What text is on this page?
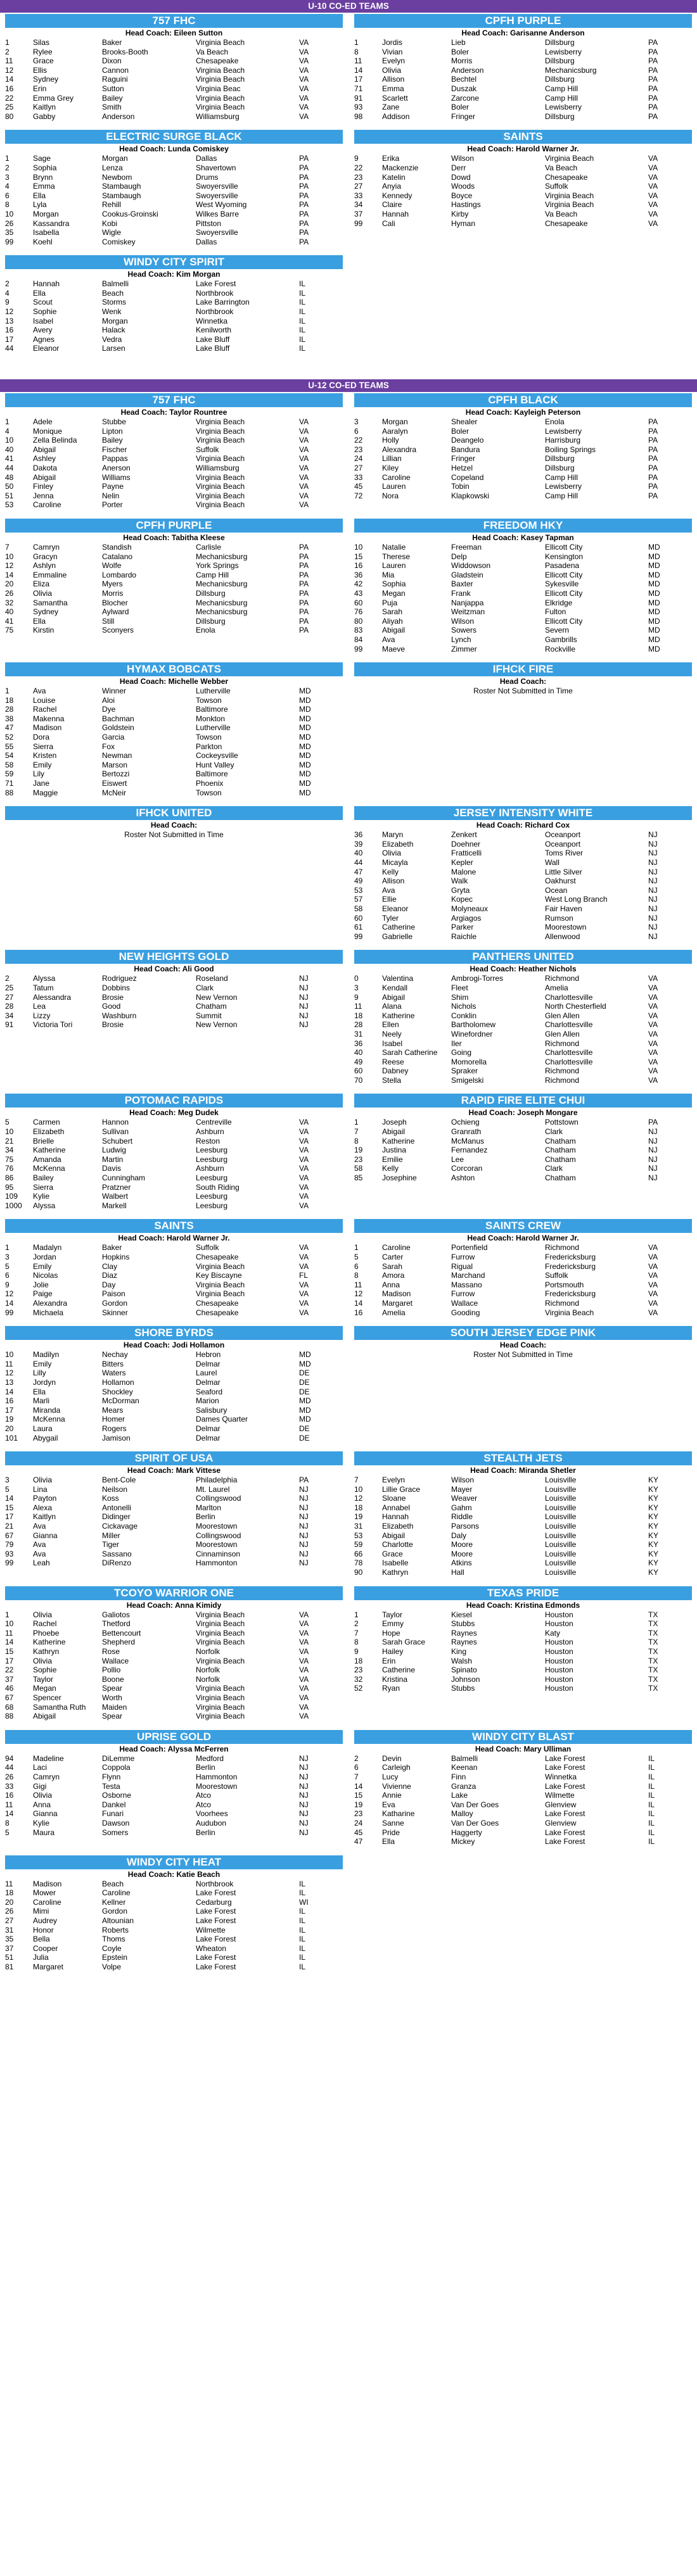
U-10 CO-ED TEAMS
757 FHC
Head Coach: Eileen Sutton
1	Silas	Baker	Virginia Beach	VA
2	Rylee	Brooks-Booth	Va Beach	VA
11	Grace	Dixon	Chesapeake	VA
12	Ellis	Cannon	Virginia Beach	VA
14	Sydney	Raguini	Virginia Beach	VA
16	Erin	Sutton	Virginia Beac	VA
22	Emma Grey	Bailey	Virginia Beach	VA
25	Kaitlyn	Smith	Virginia Beach	VA
80	Gabby	Anderson	Williamsburg	VA
CPFH PURPLE
Head Coach: Garisanne Anderson
1	Jordis	Lieb	Dillsburg	PA
8	Vivian	Boler	Lewisberry	PA
11	Evelyn	Morris	Dillsburg	PA
14	Olivia	Anderson	Mechanicsburg	PA
17	Allison	Bechtel	Dillsburg	PA
71	Emma	Duszak	Camp Hill	PA
91	Scarlett	Zarcone	Camp Hill	PA
93	Zane	Boler	Lewisberry	PA
98	Addison	Fringer	Dillsburg	PA
ELECTRIC SURGE BLACK
Head Coach: Lunda Comiskey
1	Sage	Morgan	Dallas	PA
2	Sophia	Lenza	Shavertown	PA
3	Brynn	Newbom	Drums	PA
4	Emma	Stambaugh	Swoyersville	PA
6	Ella	Stambaugh	Swoyersville	PA
8	Lyla	Rehill	West Wyoming	PA
10	Morgan	Cookus-Groinski	Wilkes Barre	PA
26	Kassandra	Kobi	Pittston	PA
35	Isabella	Wigle	Swoyersville	PA
99	Koehl	Comiskey	Dallas	PA
SAINTS
Head Coach: Harold Warner Jr.
9	Erika	Wilson	Virginia Beach	VA
22	Mackenzie	Derr	Va Beach	VA
23	Katelin	Dowd	Chesapeake	VA
27	Anyia	Woods	Suffolk	VA
33	Kennedy	Boyce	Virginia Beach	VA
34	Claire	Hastings	Virginia Beach	VA
37	Hannah	Kirby	Va Beach	VA
99	Cali	Hyman	Chesapeake	VA
WINDY CITY SPIRIT
Head Coach: Kim Morgan
2	Hannah	Balmelli	Lake Forest	IL
4	Ella	Beach	Northbrook	IL
9	Scout	Storms	Lake Barrington	IL
12	Sophie	Wenk	Northbrook	IL
13	Isabel	Morgan	Winnetka	IL
16	Avery	Halack	Kenilworth	IL
17	Agnes	Vedra	Lake Bluff	IL
44	Eleanor	Larsen	Lake Bluff	IL
U-12 CO-ED TEAMS
757 FHC
Head Coach: Taylor Rountree
1	Adele	Stubbe	Virginia Beach	VA
4	Monique	Lipton	Virginia Beach	VA
10	Zella Belinda	Bailey	Virginia Beach	VA
40	Abigail	Fischer	Suffolk	VA
41	Ashley	Pappas	Virginia Beach	VA
44	Dakota	Anerson	Williamsburg	VA
48	Abigail	Williams	Virginia Beach	VA
50	Finley	Payne	Virginia Beach	VA
51	Jenna	Nelin	Virginia Beach	VA
53	Caroline	Porter	Virginia Beach	VA
CPFH BLACK
Head Coach: Kayleigh Peterson
3	Morgan	Shealer	Enola	PA
6	Aaralyn	Boler	Lewisberry	PA
22	Holly	Deangelo	Harrisburg	PA
23	Alexandra	Bandura	Boiling Springs	PA
24	Lillian	Fringer	Dillsburg	PA
27	Kiley	Hetzel	Dillsburg	PA
33	Caroline	Copeland	Camp Hill	PA
45	Lauren	Tobin	Lewisberry	PA
72	Nora	Klapkowski	Camp Hill	PA
CPFH PURPLE
Head Coach: Tabitha Kleese
7	Camryn	Standish	Carlisle	PA
10	Gracyn	Catalano	Mechanicsburg	PA
12	Ashlyn	Wolfe	York Springs	PA
14	Emmaline	Lombardo	Camp Hill	PA
20	Eliza	Myers	Mechanicsburg	PA
26	Olivia	Morris	Dillsburg	PA
32	Samantha	Blocher	Mechanicsburg	PA
40	Sydney	Aylward	Mechanicsburg	PA
41	Ella	Still	Dillsburg	PA
75	Kirstin	Sconyers	Enola	PA
FREEDOM HKY
Head Coach: Kasey Tapman
10	Natalie	Freeman	Ellicott City	MD
15	Therese	Delp	Kensington	MD
16	Lauren	Widdowson	Pasadena	MD
36	Mia	Gladstein	Ellicott City	MD
42	Sophia	Baxter	Sykesville	MD
43	Megan	Frank	Ellicott City	MD
60	Puja	Nanjappa	Elkridge	MD
76	Sarah	Weitzman	Fulton	MD
80	Aliyah	Wilson	Ellicott City	MD
83	Abigail	Sowers	Severn	MD
84	Ava	Lynch	Gambrills	MD
99	Maeve	Zimmer	Rockville	MD
HYMAX BOBCATS
Head Coach: Michelle Webber
1	Ava	Winner	Lutherville	MD
18	Louise	Aloi	Towson	MD
28	Rachel	Dye	Baltimore	MD
38	Makenna	Bachman	Monkton	MD
47	Madison	Goldstein	Lutherville	MD
52	Dora	Garcia	Towson	MD
55	Sierra	Fox	Parkton	MD
54	Kristen	Newman	Cockeysville	MD
58	Emily	Marson	Hunt Valley	MD
59	Lily	Bertozzi	Baltimore	MD
71	Jane	Eiswert	Phoenix	MD
88	Maggie	McNeir	Towson	MD
IFHCK FIRE
Head Coach:
Roster Not Submitted in Time
IFHCK UNITED
Head Coach:
Roster Not Submitted in Time
JERSEY INTENSITY WHITE
Head Coach: Richard Cox
36	Maryn	Zenkert	Oceanport	NJ
39	Elizabeth	Doehner	Oceanport	NJ
40	Olivia	Fratticelli	Toms River	NJ
44	Micayla	Kepler	Wall	NJ
47	Kelly	Malone	Little Silver	NJ
49	Allison	Walk	Oakhurst	NJ
53	Ava	Gryta	Ocean	NJ
57	Ellie	Kopec	West Long Branch	NJ
58	Eleanor	Molyneaux	Fair Haven	NJ
60	Tyler	Argiagos	Rumson	NJ
61	Catherine	Parker	Moorestown	NJ
99	Gabrielle	Raichle	Allenwood	NJ
NEW HEIGHTS GOLD
Head Coach: Ali Good
2	Alyssa	Rodriguez	Roseland	NJ
25	Tatum	Dobbins	Clark	NJ
27	Alessandra	Brosie	New Vernon	NJ
28	Lea	Good	Chatham	NJ
34	Lizzy	Washburn	Summit	NJ
91	Victoria Tori	Brosie	New Vernon	NJ
PANTHERS UNITED
Head Coach: Heather Nichols
0	Valentina	Ambrogi-Torres	Richmond	VA
3	Kendall	Fleet	Amelia	VA
9	Abigail	Shim	Charlottesville	VA
11	Alana	Nichols	North Chesterfield	VA
18	Katherine	Conklin	Glen Allen	VA
28	Ellen	Bartholomew	Charlottesville	VA
31	Neely	Winefordner	Glen Allen	VA
36	Isabel	Iler	Richmond	VA
40	Sarah Catherine	Going	Charlottesville	VA
49	Reese	Momorella	Charlottesville	VA
60	Dabney	Spraker	Richmond	VA
70	Stella	Smigelski	Richmond	VA
POTOMAC RAPIDS
Head Coach: Meg Dudek
5	Carmen	Hannon	Centreville	VA
10	Elizabeth	Sullivan	Ashburn	VA
21	Brielle	Schubert	Reston	VA
34	Katherine	Ludwig	Leesburg	VA
75	Amanda	Martin	Leesburg	VA
76	McKenna	Davis	Ashburn	VA
86	Bailey	Cunningham	Leesburg	VA
95	Sierra	Pratzner	South Riding	VA
109	Kylie	Walbert	Leesburg	VA
1000	Alyssa	Markell	Leesburg	VA
RAPID FIRE ELITE CHUI
Head Coach: Joseph Mongare
1	Joseph	Ochieng	Pottstown	PA
7	Abigail	Granrath	Clark	NJ
8	Katherine	McManus	Chatham	NJ
19	Justina	Fernandez	Chatham	NJ
23	Emilie	Lee	Chatham	NJ
58	Kelly	Corcoran	Clark	NJ
85	Josephine	Ashton	Chatham	NJ
SAINTS
Head Coach: Harold Warner Jr.
1	Madalyn	Baker	Suffolk	VA
3	Jordan	Hopkins	Chesapeake	VA
5	Emily	Clay	Virginia Beach	VA
6	Nicolas	Diaz	Key Biscayne	FL
9	Jolie	Day	Virginia Beach	VA
12	Paige	Paison	Virginia Beach	VA
14	Alexandra	Gordon	Chesapeake	VA
99	Michaela	Skinner	Chesapeake	VA
SAINTS CREW
Head Coach: Harold Warner Jr.
1	Caroline	Portenfield	Richmond	VA
5	Carter	Furrow	Fredericksburg	VA
6	Sarah	Rigual	Fredericksburg	VA
8	Amora	Marchand	Suffolk	VA
11	Anna	Massano	Portsmouth	VA
12	Madison	Furrow	Fredericksburg	VA
14	Margaret	Wallace	Richmond	VA
16	Amelia	Gooding	Virginia Beach	VA
SHORE BYRDS
Head Coach: Jodi Hollamon
10	Madilyn	Nechay	Hebron	MD
11	Emily	Bitters	Delmar	MD
12	Lilly	Waters	Laurel	DE
13	Jordyn	Hollamon	Delmar	DE
14	Ella	Shockley	Seaford	DE
16	Marli	McDorman	Marion	MD
17	Miranda	Mears	Salisbury	MD
19	McKenna	Homer	Dames Quarter	MD
20	Laura	Rogers	Delmar	DE
101	Abygail	Jamison	Delmar	DE
SOUTH JERSEY EDGE PINK
Head Coach:
Roster Not Submitted in Time
SPIRIT OF USA
Head Coach: Mark Vittese
3	Olivia	Bent-Cole	Philadelphia	PA
5	Lina	Neilson	Mt. Laurel	NJ
14	Payton	Koss	Collingswood	NJ
15	Alexa	Antonelli	Marlton	NJ
17	Kaitlyn	Didinger	Berlin	NJ
21	Ava	Cickavage	Moorestown	NJ
67	Gianna	Miller	Collingswood	NJ
79	Ava	Tiger	Moorestown	NJ
93	Ava	Sassano	Cinnaminson	NJ
99	Leah	DiRenzo	Hammonton	NJ
STEALTH JETS
Head Coach: Miranda Shetler
7	Evelyn	Wilson	Louisville	KY
10	Lillie Grace	Mayer	Louisville	KY
12	Sloane	Weaver	Louisville	KY
18	Annabel	Gahm	Louisville	KY
19	Hannah	Riddle	Louisville	KY
31	Elizabeth	Parsons	Louisville	KY
53	Abigail	Daly	Louisville	KY
59	Charlotte	Moore	Louisville	KY
66	Grace	Moore	Louisville	KY
78	Isabelle	Atkins	Louisville	KY
90	Kathryn	Hall	Louisville	KY
TCOYO WARRIOR ONE
Head Coach: Anna Kimidy
1	Olivia	Galiotos	Virginia Beach	VA
10	Rachel	Thetford	Virginia Beach	VA
11	Phoebe	Bettencourt	Virginia Beach	VA
14	Katherine	Shepherd	Virginia Beach	VA
15	Kathryn	Rose	Norfolk	VA
17	Olivia	Wallace	Virginia Beach	VA
22	Sophie	Pollio	Norfolk	VA
37	Taylor	Boone	Norfolk	VA
46	Megan	Spear	Virginia Beach	VA
67	Spencer	Worth	Virginia Beach	VA
68	Samantha Ruth	Maiden	Virginia Beach	VA
88	Abigail	Spear	Virginia Beach	VA
TEXAS PRIDE
Head Coach: Kristina Edmonds
1	Taylor	Kiesel	Houston	TX
2	Emmy	Stubbs	Houston	TX
7	Hope	Raynes	Katy	TX
8	Sarah Grace	Raynes	Houston	TX
9	Hailey	King	Houston	TX
18	Erin	Walsh	Houston	TX
23	Catherine	Spinato	Houston	TX
32	Kristina	Johnson	Houston	TX
52	Ryan	Stubbs	Houston	TX
UPRISE GOLD
Head Coach: Alyssa McFerren
94	Madeline	DiLemme	Medford	NJ
44	Laci	Coppola	Berlin	NJ
26	Camryn	Flynn	Hammonton	NJ
33	Gigi	Testa	Moorestown	NJ
16	Olivia	Osborne	Atco	NJ
11	Anna	Dankel	Atco	NJ
14	Gianna	Funari	Voorhees	NJ
8	Kylie	Dawson	Audubon	NJ
5	Maura	Somers	Berlin	NJ
WINDY CITY BLAST
Head Coach: Mary Ulliman
2	Devin	Balmelli	Lake Forest	IL
6	Carleigh	Keenan	Lake Forest	IL
7	Lucy	Finn	Winnetka	IL
14	Vivienne	Granza	Lake Forest	IL
15	Annie	Lake	Wilmette	IL
19	Eva	Van Der Goes	Glenview	IL
23	Katharine	Malloy	Lake Forest	IL
24	Sanne	Van Der Goes	Glenview	IL
45	Pride	Haggerty	Lake Forest	IL
47	Ella	Mickey	Lake Forest	IL
WINDY CITY HEAT
Head Coach: Katie Beach
11	Madison	Beach	Northbrook	IL
18	Mower	Caroline	Lake Forest	IL
20	Caroline	Kellner	Cedarburg	WI
26	Mimi	Gordon	Lake Forest	IL
27	Audrey	Altounian	Lake Forest	IL
31	Honor	Roberts	Wilmette	IL
35	Bella	Thoms	Lake Forest	IL
37	Cooper	Coyle	Wheaton	IL
51	Julia	Epstein	Lake Forest	IL
81	Margaret	Volpe	Lake Forest	IL
